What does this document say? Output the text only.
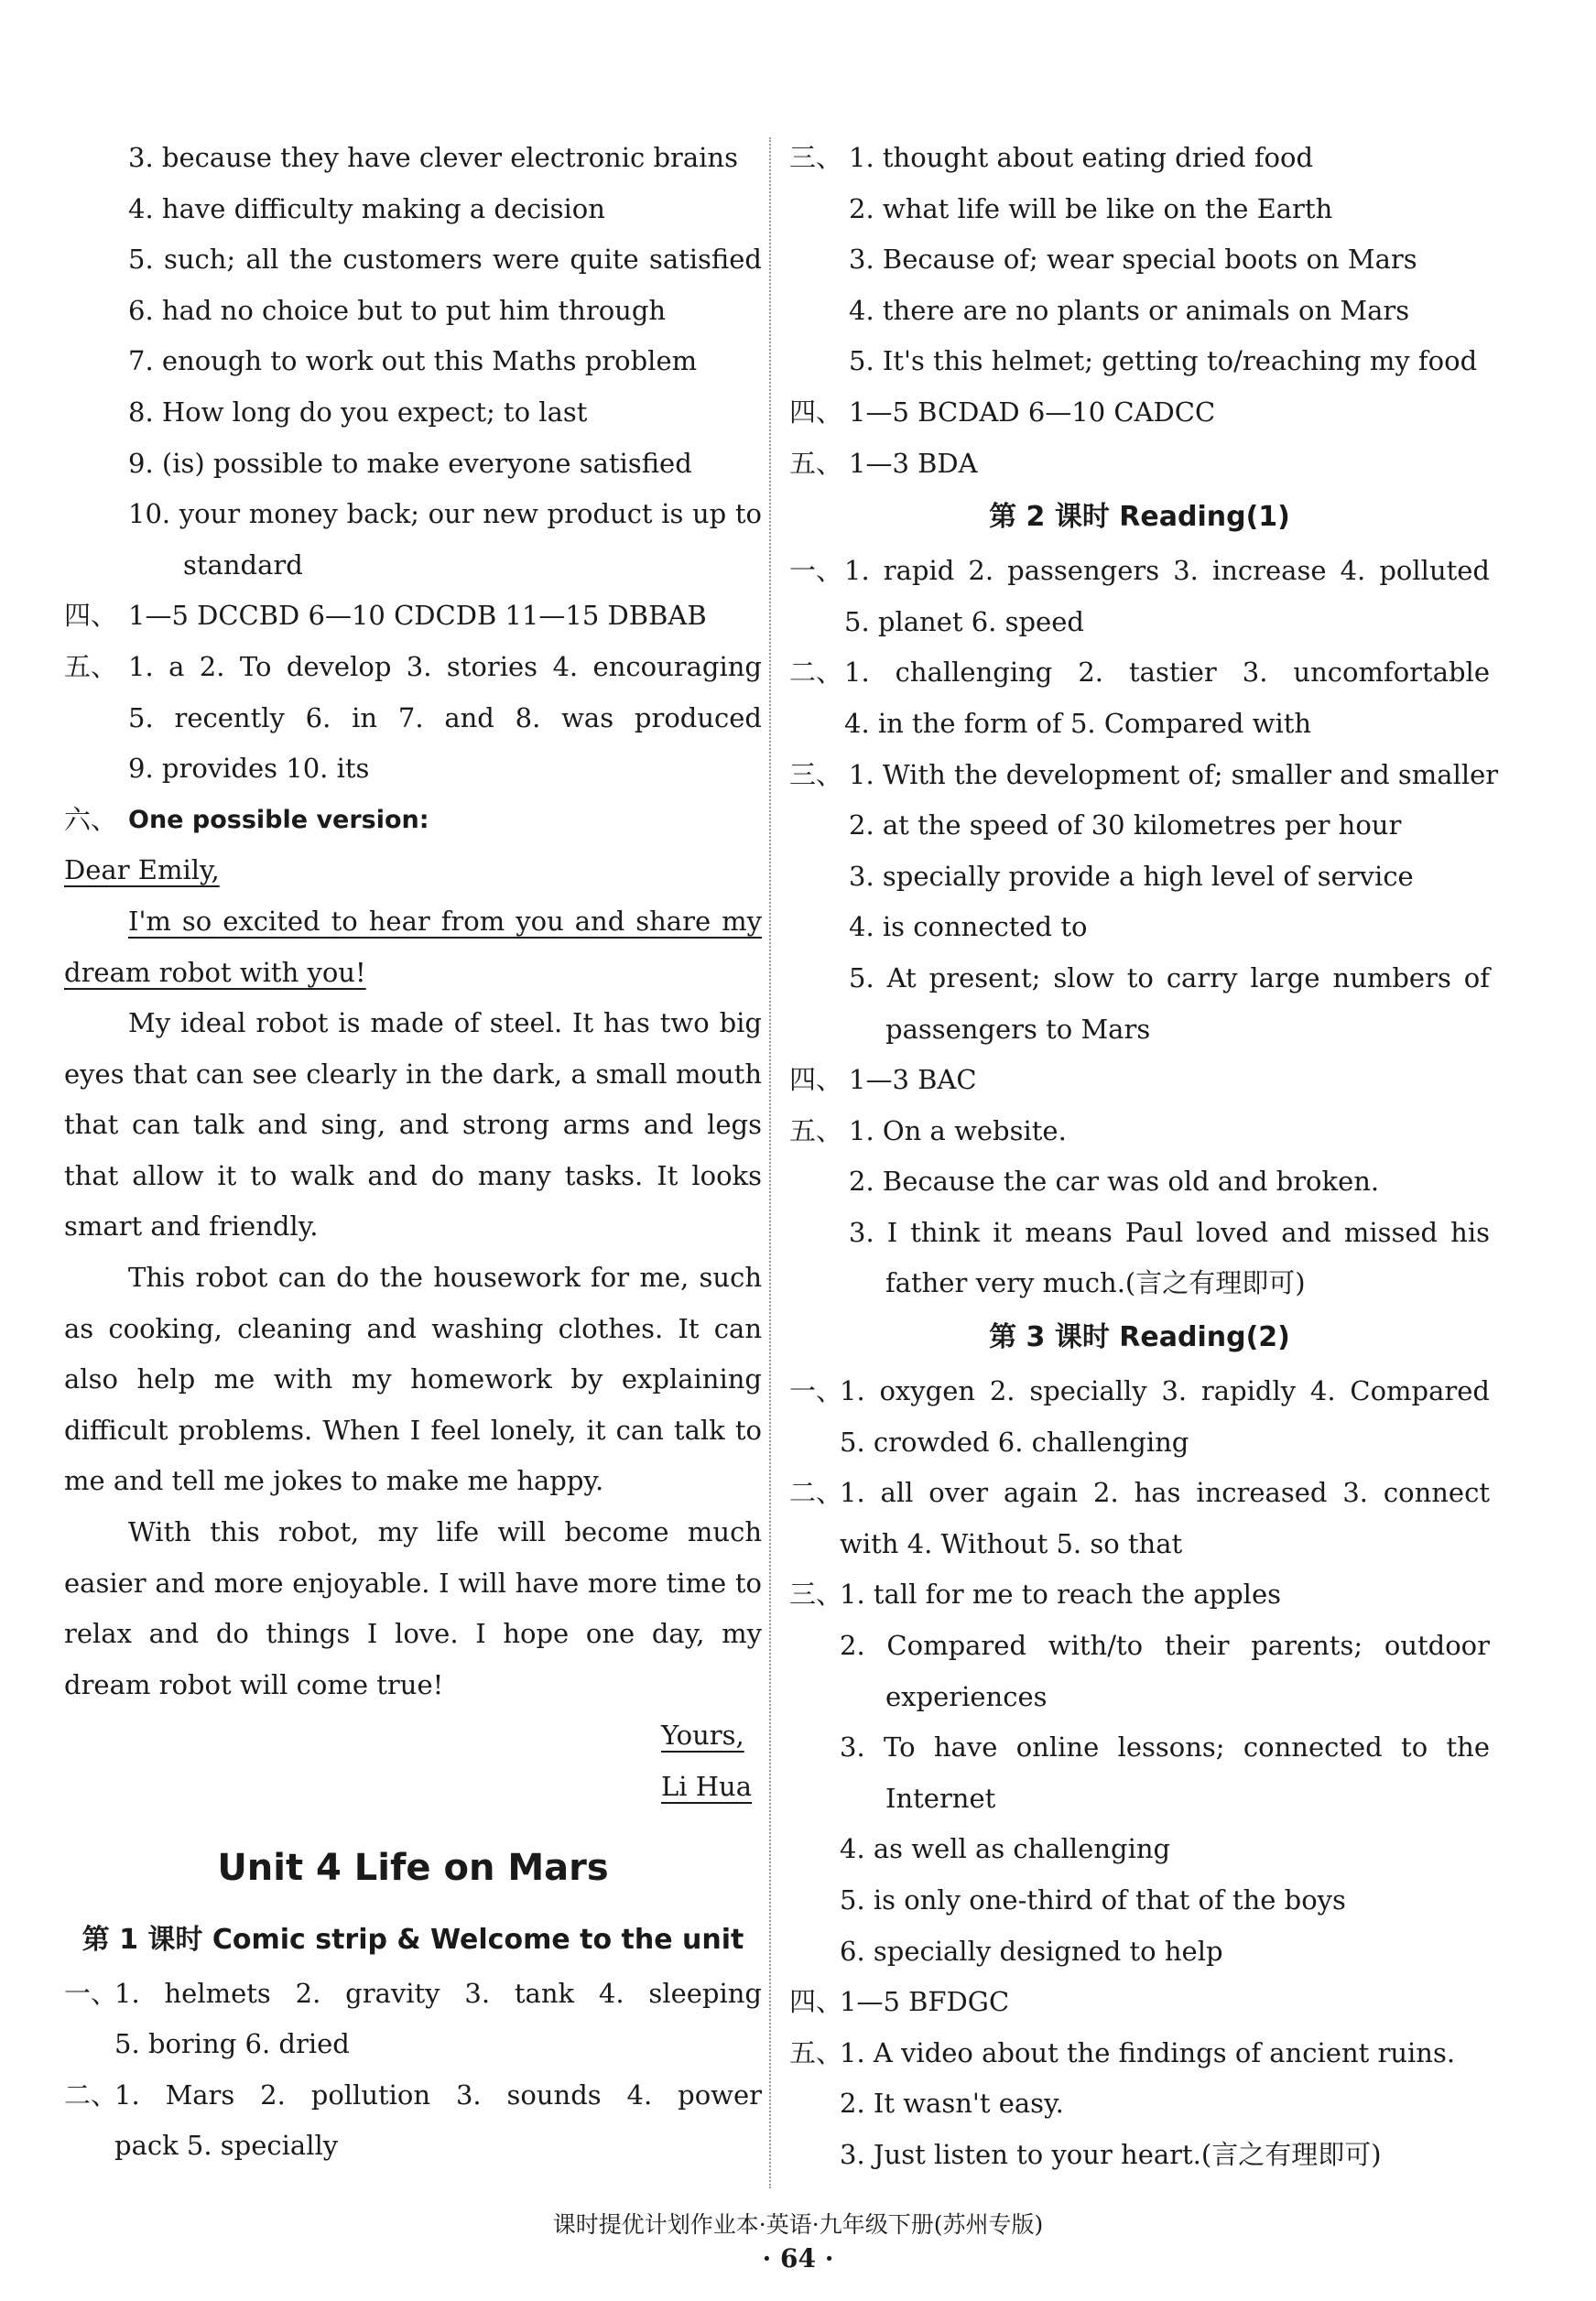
3. because they have clever electronic brains
4. have difficulty making a decision
5. such; all the customers were quite satisfied
6. had no choice but to put him through
7. enough to work out this Maths problem
8. How long do you expect; to last
9. (is) possible to make everyone satisfied
10. your money back; our new product is up to
standard
四、 1—5 DCCBD 6—10 CDCDB 11—15 DBBAB
五、 1. a 2. To develop 3. stories 4. encouraging
5. recently 6. in 7. and 8. was produced
9. provides 10. its
六、 One possible version:
Dear Emily,
I'm so excited to hear from you and share my
dream robot with you!
My ideal robot is made of steel. It has two big
eyes that can see clearly in the dark, a small mouth
that can talk and sing, and strong arms and legs
that allow it to walk and do many tasks. It looks
smart and friendly.
This robot can do the housework for me, such
as cooking, cleaning and washing clothes. It can
also help me with my homework by explaining
difficult problems. When I feel lonely, it can talk to
me and tell me jokes to make me happy.
With this robot, my life will become much
easier and more enjoyable. I will have more time to
relax and do things I love. I hope one day, my
dream robot will come true!
Yours,
Li Hua
Unit 4 Life on Mars
第 1 课时 Comic strip & Welcome to the unit
一、
1. helmets 2. gravity 3. tank 4. sleeping
5. boring 6. dried
二、
1. Mars 2. pollution 3. sounds 4. power
pack 5. specially
三、 1. thought about eating dried food
2. what life will be like on the Earth
3. Because of; wear special boots on Mars
4. there are no plants or animals on Mars
5. It's this helmet; getting to/reaching my food
四、 1—5 BCDAD 6—10 CADCC
五、 1—3 BDA
第 2 课时 Reading(1)
一、 1. rapid 2. passengers 3. increase 4. polluted
5. planet 6. speed
二、 1. challenging 2. tastier 3. uncomfortable
4. in the form of 5. Compared with
三、 1. With the development of; smaller and smaller
2. at the speed of 30 kilometres per hour
3. specially provide a high level of service
4. is connected to
5. At present; slow to carry large numbers of
passengers to Mars
四、 1—3 BAC
五、 1. On a website.
2. Because the car was old and broken.
3. I think it means Paul loved and missed his
father very much.(言之有理即可)
第 3 课时 Reading(2)
一、
1. oxygen 2. specially 3. rapidly 4. Compared
5. crowded 6. challenging
二、
1. all over again 2. has increased 3. connect
with 4. Without 5. so that
三、
1. tall for me to reach the apples
2. Compared with/to their parents; outdoor
experiences
3. To have online lessons; connected to the
Internet
4. as well as challenging
5. is only one-third of that of the boys
6. specially designed to help
四、
1—5 BFDGC
五、
1. A video about the findings of ancient ruins.
2. It wasn't easy.
3. Just listen to your heart.(言之有理即可)
课时提优计划作业本·英语·九年级下册(苏州专版)
· 64 ·
